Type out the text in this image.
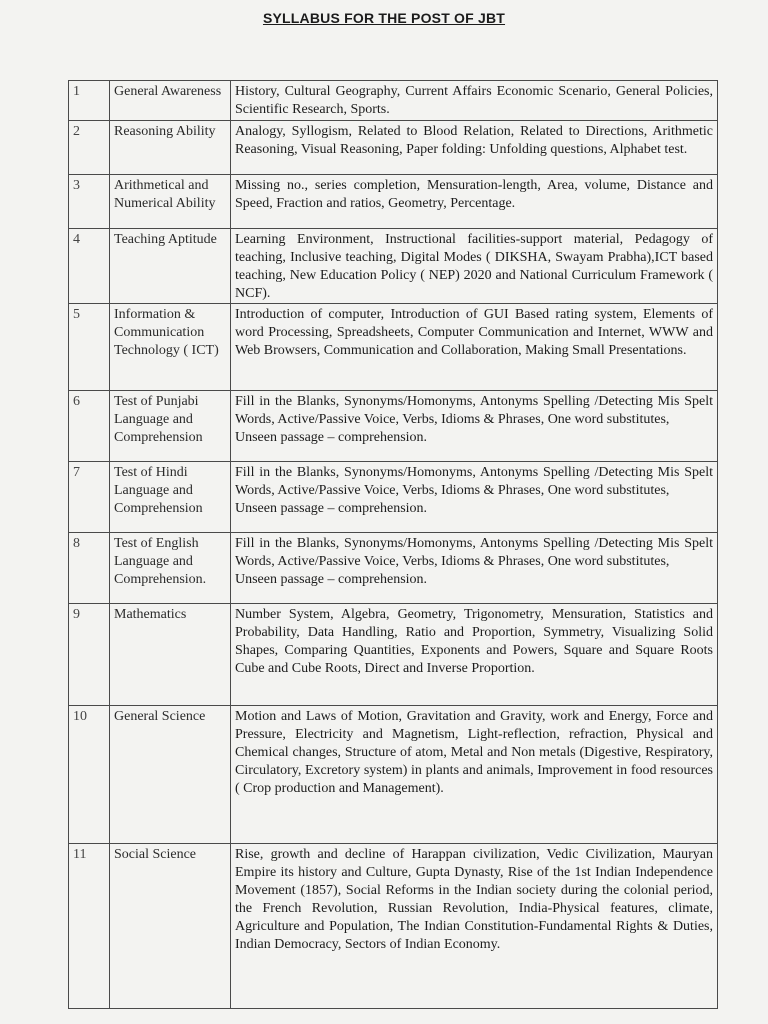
SYLLABUS FOR THE POST OF JBT
1	General Awareness	History, Cultural Geography, Current Affairs Economic Scenario, General Policies, Scientific Research, Sports.

2	Reasoning Ability	Analogy, Syllogism, Related to Blood Relation, Related to Directions, Arithmetic Reasoning, Visual Reasoning, Paper folding: Unfolding questions, Alphabet test.

3	Arithmetical and Numerical Ability	Missing no., series completion, Mensuration-length, Area, volume, Distance and Speed, Fraction and ratios, Geometry, Percentage.

4	Teaching Aptitude	Learning Environment, Instructional facilities-support material, Pedagogy of teaching, Inclusive teaching, Digital Modes ( DIKSHA, Swayam Prabha),ICT based teaching, New Education Policy ( NEP) 2020 and National Curriculum Framework ( NCF).

5	Information & Communication Technology ( ICT)	Introduction of computer, Introduction of GUI Based rating system, Elements of word Processing, Spreadsheets, Computer Communication and Internet, WWW and Web Browsers, Communication and Collaboration, Making Small Presentations.

6	Test of Punjabi Language and Comprehension	Fill in the Blanks, Synonyms/Homonyms, Antonyms Spelling /Detecting Mis Spelt Words, Active/Passive Voice, Verbs, Idioms & Phrases, One word substitutes,
Unseen passage – comprehension.

7	Test of Hindi Language and Comprehension	Fill in the Blanks, Synonyms/Homonyms, Antonyms Spelling /Detecting Mis Spelt Words, Active/Passive Voice, Verbs, Idioms & Phrases, One word substitutes,
Unseen passage – comprehension.

8	Test of English Language and Comprehension.	Fill in the Blanks, Synonyms/Homonyms, Antonyms Spelling /Detecting Mis Spelt Words, Active/Passive Voice, Verbs, Idioms & Phrases, One word substitutes,
Unseen passage – comprehension.

9	Mathematics	Number System, Algebra, Geometry, Trigonometry, Mensuration, Statistics and Probability, Data Handling, Ratio and Proportion, Symmetry, Visualizing Solid Shapes, Comparing Quantities, Exponents and Powers, Square and Square Roots Cube and Cube Roots, Direct and Inverse Proportion.

10	General Science	Motion and Laws of Motion, Gravitation and Gravity, work and Energy, Force and Pressure, Electricity and Magnetism, Light-reflection, refraction, Physical and Chemical changes, Structure of atom, Metal and Non metals (Digestive, Respiratory, Circulatory, Excretory system) in plants and animals, Improvement in food resources ( Crop production and Management).

11	Social Science	Rise, growth and decline of Harappan civilization, Vedic Civilization, Mauryan Empire its history and Culture, Gupta Dynasty, Rise of the 1st Indian Independence Movement (1857), Social Reforms in the Indian society during the colonial period, the French Revolution, Russian Revolution, India-Physical features, climate, Agriculture and Population, The Indian Constitution-Fundamental Rights & Duties, Indian Democracy, Sectors of Indian Economy.
